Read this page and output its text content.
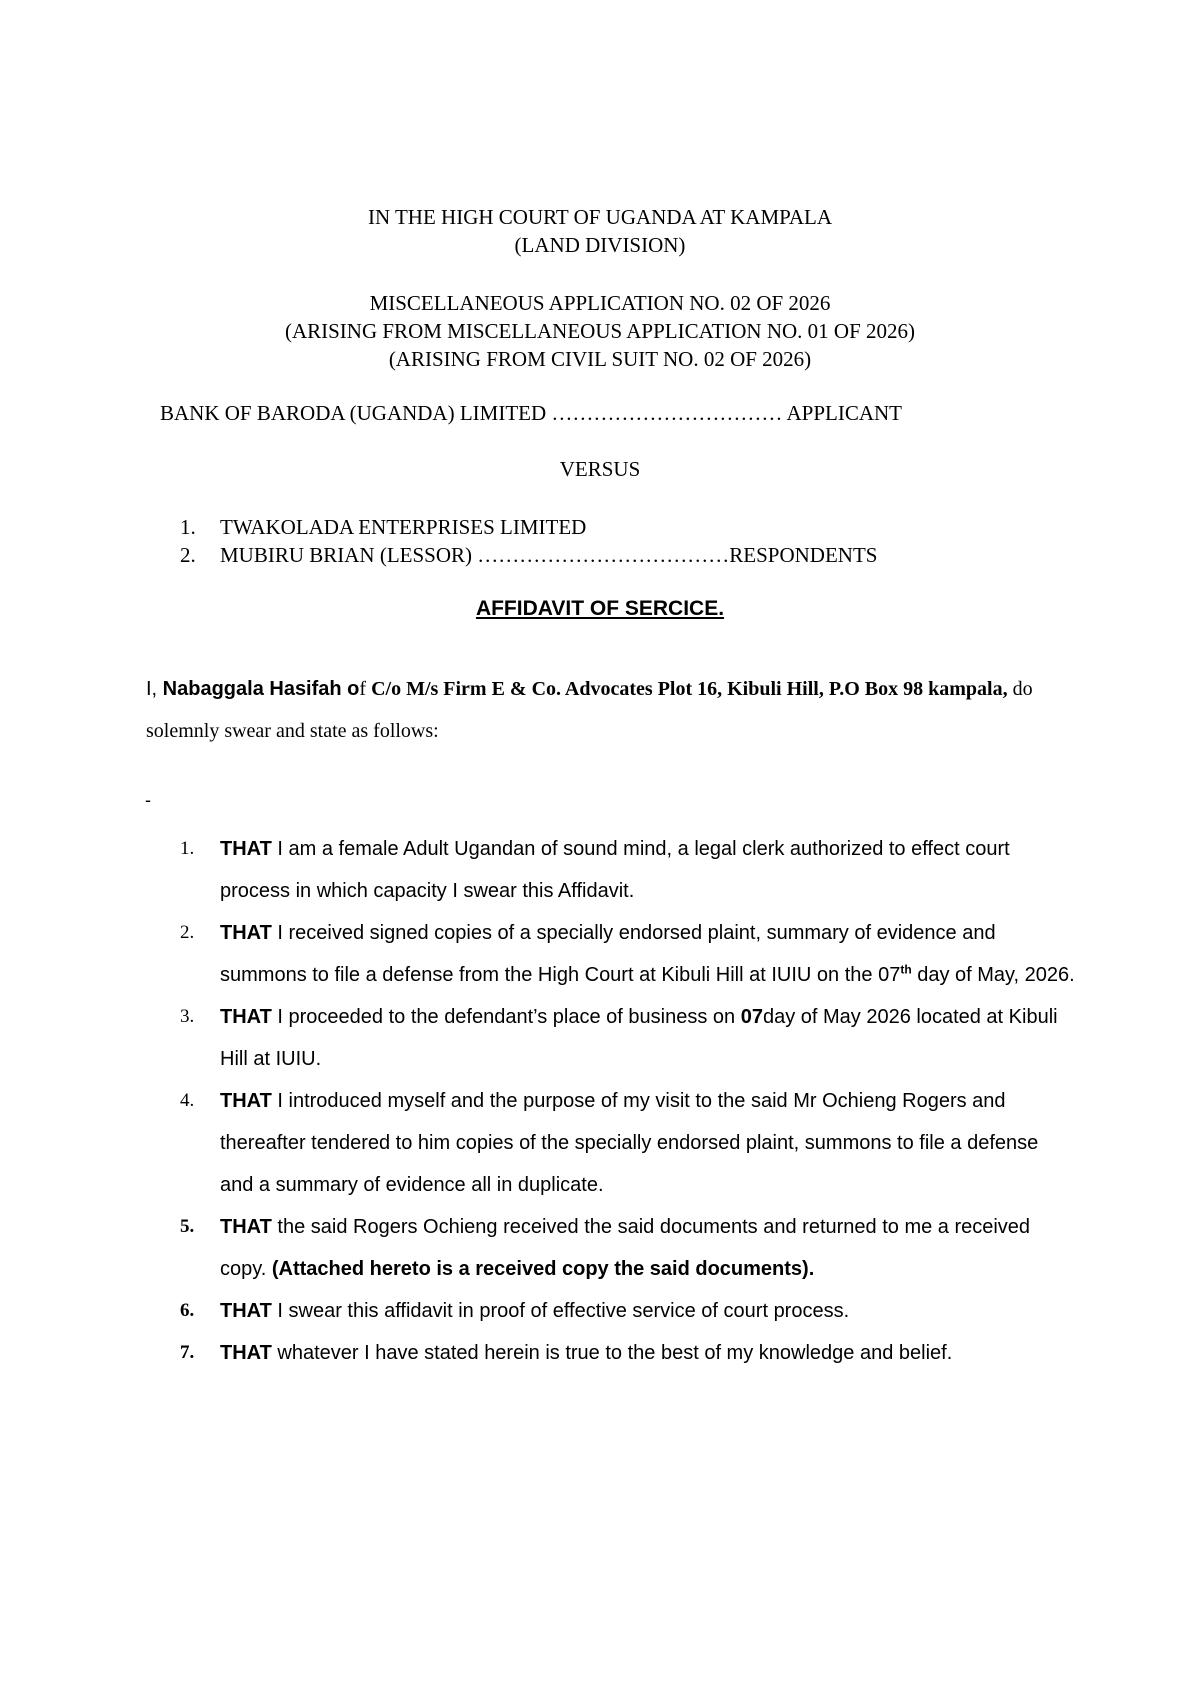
IN THE HIGH COURT OF UGANDA AT KAMPALA
(LAND DIVISION)
MISCELLANEOUS APPLICATION NO. 02 OF 2026
(ARISING FROM MISCELLANEOUS APPLICATION NO. 01 OF 2026)
(ARISING FROM CIVIL SUIT NO. 02 OF 2026)
BANK OF BARODA (UGANDA) LIMITED …………………………… APPLICANT
VERSUS
1. TWAKOLADA ENTERPRISES LIMITED
2. MUBIRU BRIAN (LESSOR) ………………………………RESPONDENTS
AFFIDAVIT OF SERCICE.
I, Nabaggala Hasifah of C/o M/s Firm E & Co. Advocates Plot 16, Kibuli Hill, P.O Box 98 kampala, do solemnly swear and state as follows:
-
1. THAT I am a female Adult Ugandan of sound mind, a legal clerk authorized to effect court process in which capacity I swear this Affidavit.
2. THAT I received signed copies of a specially endorsed plaint, summary of evidence and summons to file a defense from the High Court at Kibuli Hill at IUIU on the 07th day of May, 2026.
3. THAT I proceeded to the defendant’s place of business on 07day of May 2026 located at Kibuli Hill at IUIU.
4. THAT I introduced myself and the purpose of my visit to the said Mr Ochieng Rogers and thereafter tendered to him copies of the specially endorsed plaint, summons to file a defense and a summary of evidence all in duplicate.
5. THAT the said Rogers Ochieng received the said documents and returned to me a received copy. (Attached hereto is a received copy the said documents).
6. THAT I swear this affidavit in proof of effective service of court process.
7. THAT whatever I have stated herein is true to the best of my knowledge and belief.
